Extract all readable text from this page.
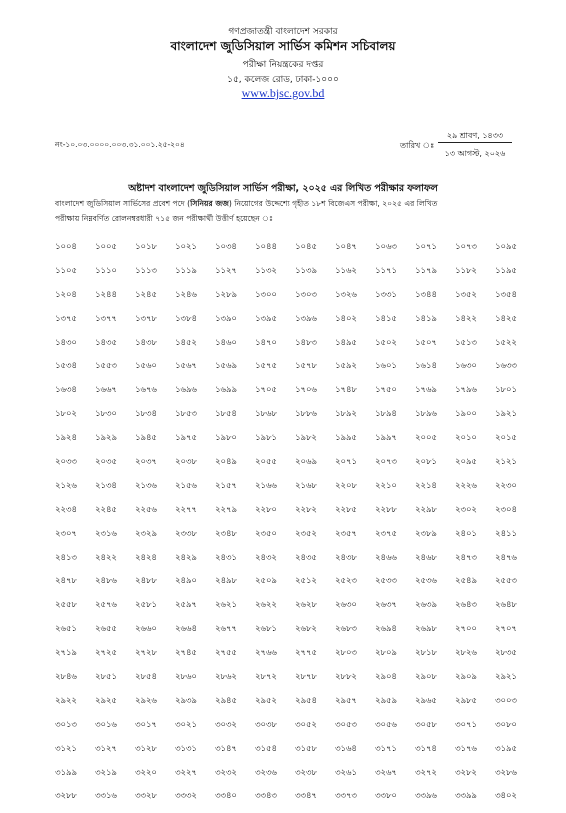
গণপ্রজাতন্ত্রী বাংলাদেশ সরকার
বাংলাদেশ জুডিসিয়াল সার্ভিস কমিশন সচিবালয়
পরীক্ষা নিয়ন্ত্রকের দপ্তর
১৫, কলেজ রোড, ঢাকা-১০০০
www.bjsc.gov.bd
নং-১০.০৩.০০০০.০০৩.৩১.০০১.২৫-২০৪	তারিখ ঃ
২৯ শ্রাবণ, ১৪৩৩
১৩ আগস্ট, ২০২৬
অষ্টাদশ বাংলাদেশ জুডিসিয়াল সার্ভিস পরীক্ষা, ২০২৫ এর লিখিত পরীক্ষার ফলাফল
বাংলাদেশ জুডিসিয়াল সার্ভিসের প্রবেশ পদে (সিনিয়র জজ) নিয়োগের উদ্দেশ্যে গৃহীত ১৮শ বিজেএস পরীক্ষা, ২০২৫ এর লিখিত
পরীক্ষায় নিম্নবর্ণিত রোলনম্বরধারী ৭১৫ জন পরীক্ষার্থী উত্তীর্ণ হয়েছেন ঃ
১০০৪	১০০৫	১০১৮	১০২১	১০৩৪	১০৪৪	১০৪৫	১০৪৭	১০৬৩	১০৭১	১০৭৩	১০৯৫
১১০৫	১১১০	১১১৩	১১১৯	১১২৭	১১৩২	১১৩৯	১১৬২	১১৭১	১১৭৯	১১৮২	১১৯৫
১২০৪	১২৪৪	১২৪৫	১২৪৬	১২৮৯	১৩০০	১৩০৩	১৩২৬	১৩৩১	১৩৪৪	১৩৫২	১৩৫৪
১৩৭৫	১৩৭৭	১৩৭৮	১৩৮৪	১৩৯০	১৩৯৫	১৩৯৬	১৪০২	১৪১৫	১৪১৯	১৪২২	১৪২৫
১৪৩০	১৪৩৫	১৪৩৮	১৪৫২	১৪৬০	১৪৭০	১৪৮৩	১৪৯৫	১৫০২	১৫০৭	১৫১৩	১৫২২
১৫৩৪	১৫৫৩	১৫৬০	১৫৬৭	১৫৬৯	১৫৭৫	১৫৭৮	১৫৯২	১৬০১	১৬১৪	১৬৩০	১৬৩৩
১৬৩৪	১৬৬৭	১৬৭৬	১৬৯৬	১৬৯৯	১৭০৫	১৭০৬	১৭৪৮	১৭৫০	১৭৬৯	১৭৯৬	১৮০১
১৮০২	১৮৩০	১৮৩৪	১৮৫৩	১৮৫৪	১৮৬৮	১৮৮৬	১৮৯২	১৮৯৪	১৮৯৬	১৯০০	১৯২১
১৯২৪	১৯২৯	১৯৪৫	১৯৭৫	১৯৮০	১৯৮১	১৯৮২	১৯৯৫	১৯৯৭	২০০৫	২০১০	২০১৫
২০৩৩	২০৩৫	২০৩৭	২০৩৮	২০৪৯	২০৫৫	২০৬৯	২০৭১	২০৭৩	২০৮১	২০৯৫	২১২১
২১২৬	২১৩৪	২১৩৬	২১৫৬	২১৫৭	২১৬৬	২১৬৮	২২০৮	২২১০	২২১৪	২২২৬	২২৩০
২২৩৪	২২৪৫	২২৫৬	২২৭৭	২২৭৯	২২৮০	২২৮২	২২৮৫	২২৮৮	২২৯৮	২৩০২	২৩০৪
২৩০৭	২৩১৬	২৩২৯	২৩৩৮	২৩৪৮	২৩৫০	২৩৫২	২৩৫৭	২৩৭৫	২৩৮৯	২৪০১	২৪১১
২৪১৩	২৪২২	২৪২৪	২৪২৯	২৪৩১	২৪৩২	২৪৩৫	২৪৩৮	২৪৬৬	২৪৬৮	২৪৭৩	২৪৭৬
২৪৭৮	২৪৮৬	২৪৮৮	২৪৯০	২৪৯৮	২৫০৯	২৫১২	২৫২৩	২৫৩৩	২৫৩৬	২৫৪৯	২৫৫৩
২৫৫৮	২৫৭৬	২৫৮১	২৫৯৭	২৬২১	২৬২২	২৬২৮	২৬৩০	২৬৩৭	২৬৩৯	২৬৪৩	২৬৪৮
২৬৫১	২৬৫৫	২৬৬০	২৬৬৪	২৬৭৭	২৬৮১	২৬৮২	২৬৮৩	২৬৯৪	২৬৯৮	২৭০০	২৭০৭
২৭১৯	২৭২৫	২৭২৮	২৭৪৫	২৭৫৫	২৭৬৬	২৭৭৫	২৮০৩	২৮০৯	২৮১৮	২৮২৬	২৮৩৫
২৮৪৬	২৮৫১	২৮৫৪	২৮৬০	২৮৬২	২৮৭২	২৮৭৮	২৮৮২	২৯০৪	২৯০৮	২৯০৯	২৯২১
২৯২২	২৯২৫	২৯২৬	২৯৩৯	২৯৪৫	২৯৫২	২৯৫৪	২৯৫৭	২৯৫৯	২৯৬৫	২৯৮৫	৩০০৩
৩০১৩	৩০১৬	৩০১৭	৩০২১	৩০৩২	৩০৩৮	৩০৫২	৩০৫৩	৩০৫৬	৩০৫৮	৩০৭১	৩০৮০
৩১২১	৩১২৭	৩১২৮	৩১৩১	৩১৪৭	৩১৫৪	৩১৫৮	৩১৬৪	৩১৭১	৩১৭৪	৩১৭৬	৩১৯৫
৩১৯৯	৩২১৯	৩২২০	৩২২৭	৩২৩২	৩২৩৬	৩২৩৮	৩২৬১	৩২৬৭	৩২৭২	৩২৮২	৩২৮৬
৩২৮৮	৩৩১৬	৩৩২৮	৩৩৩২	৩৩৪০	৩৩৪৩	৩৩৪৭	৩৩৭৩	৩৩৮০	৩৩৯৬	৩৩৯৯	৩৪০২
